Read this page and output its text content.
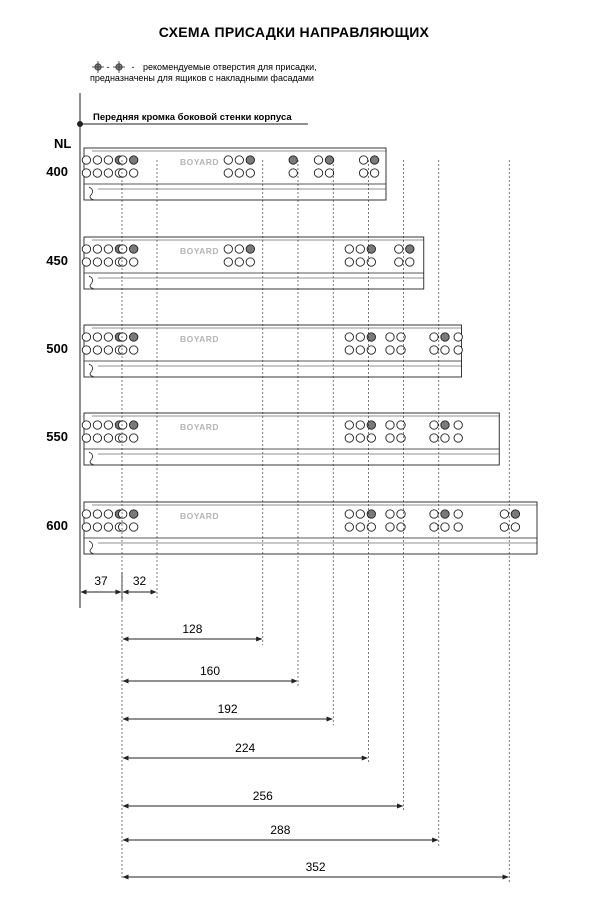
СХЕМА ПРИСАДКИ НАПРАВЛЯЮЩИХ
- - рекомендуемые отверстия для присадки,
предназначены для ящиков с накладными фасадами
Передняя кромка боковой стенки корпуса
NL
400
BOYARD
450
BOYARD
500
BOYARD
550
BOYARD
600
BOYARD
37 32
128
160
192
224
256
288
352
